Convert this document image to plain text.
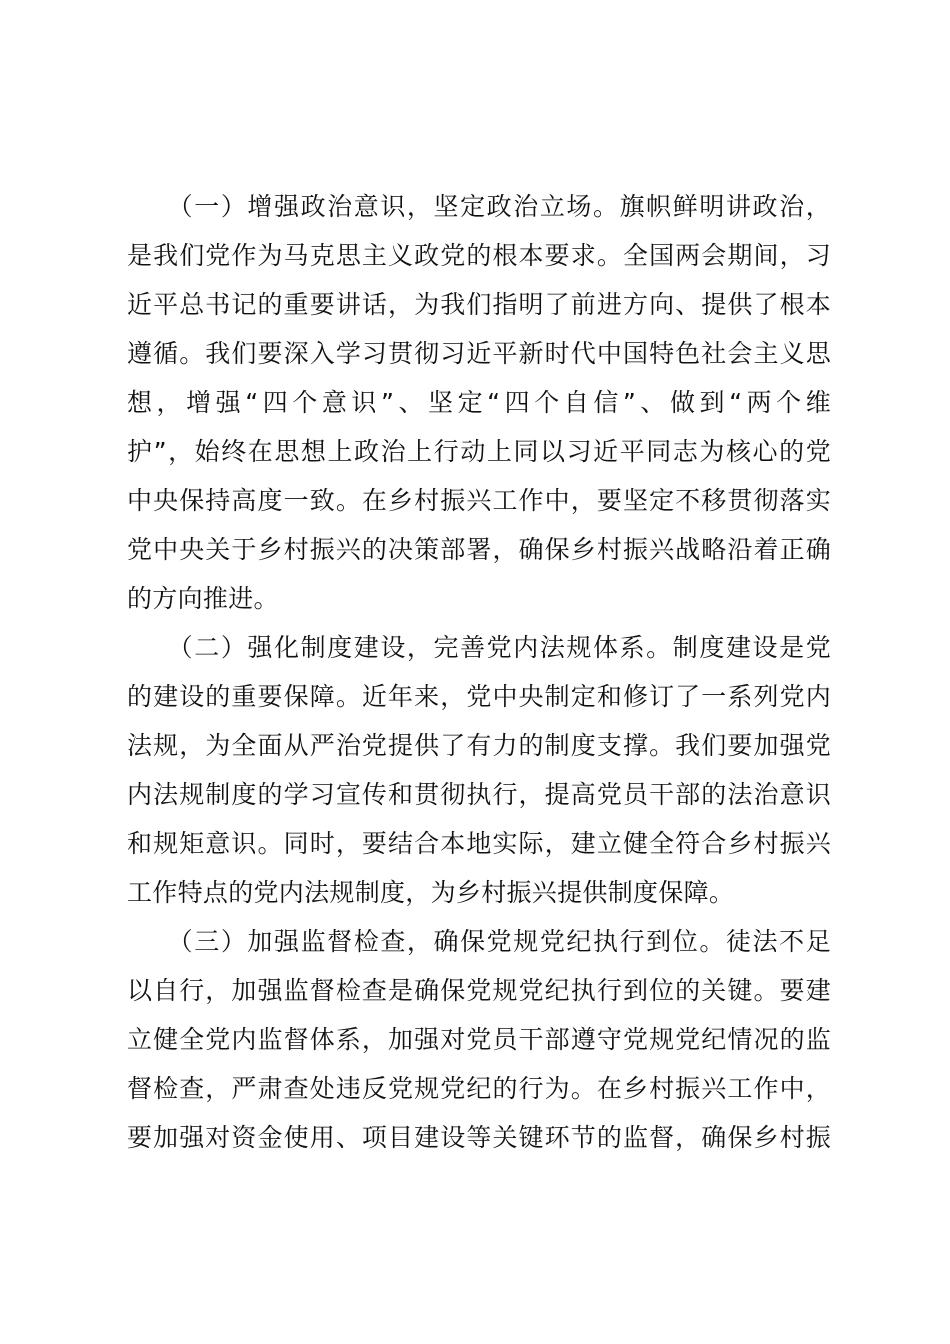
　　（一）增强政治意识，坚定政治立场。旗帜鲜明讲政治，
是我们党作为马克思主义政党的根本要求。全国两会期间，习
近平总书记的重要讲话，为我们指明了前进方向、提供了根本
遵循。我们要深入学习贯彻习近平新时代中国特色社会主义思
想，增强“四个意识”、坚定“四个自信”、做到“两个维
护”，始终在思想上政治上行动上同以习近平同志为核心的党
中央保持高度一致。在乡村振兴工作中，要坚定不移贯彻落实
党中央关于乡村振兴的决策部署，确保乡村振兴战略沿着正确
的方向推进。
　　（二）强化制度建设，完善党内法规体系。制度建设是党
的建设的重要保障。近年来，党中央制定和修订了一系列党内
法规，为全面从严治党提供了有力的制度支撑。我们要加强党
内法规制度的学习宣传和贯彻执行，提高党员干部的法治意识
和规矩意识。同时，要结合本地实际，建立健全符合乡村振兴
工作特点的党内法规制度，为乡村振兴提供制度保障。
　　（三）加强监督检查，确保党规党纪执行到位。徒法不足
以自行，加强监督检查是确保党规党纪执行到位的关键。要建
立健全党内监督体系，加强对党员干部遵守党规党纪情况的监
督检查，严肃查处违反党规党纪的行为。在乡村振兴工作中，
要加强对资金使用、项目建设等关键环节的监督，确保乡村振
